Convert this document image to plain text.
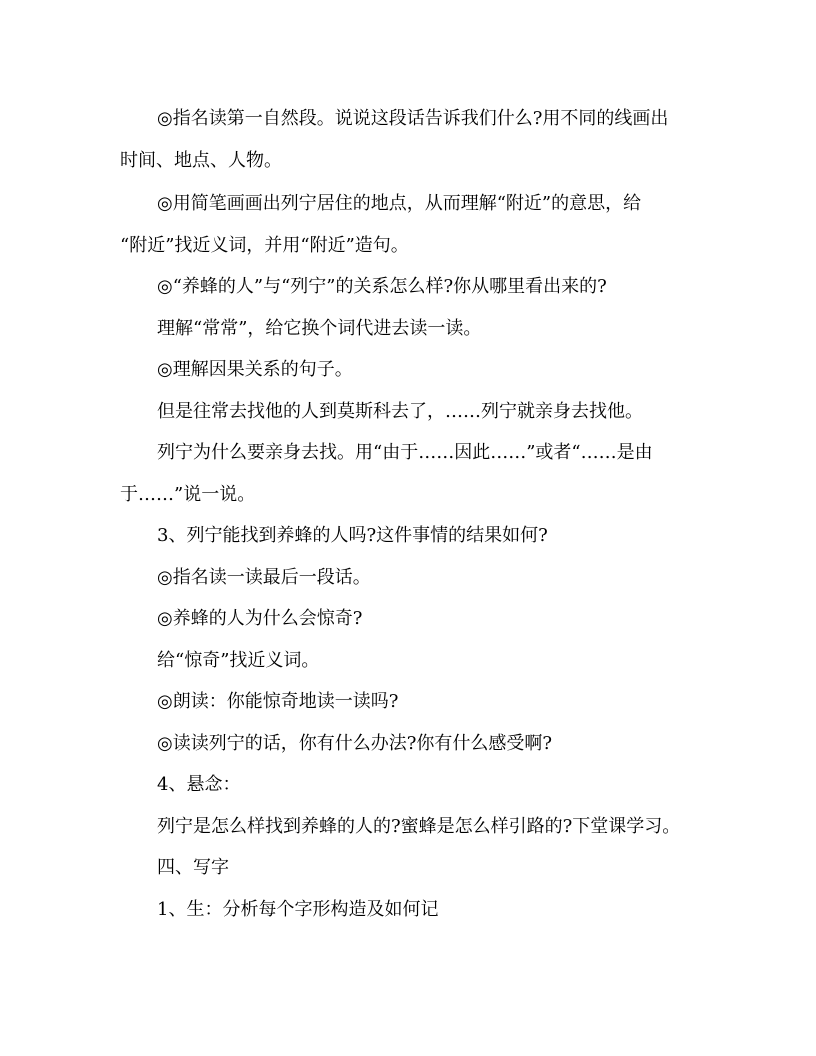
◎指名读第一自然段。说说这段话告诉我们什么?用不同的线画出
时间、地点、人物。
◎用简笔画画出列宁居住的地点，从而理解“附近”的意思，给
“附近”找近义词，并用“附近”造句。
◎“养蜂的人”与“列宁”的关系怎么样?你从哪里看出来的?
理解“常常”，给它换个词代进去读一读。
◎理解因果关系的句子。
但是往常去找他的人到莫斯科去了，……列宁就亲身去找他。
列宁为什么要亲身去找。用“由于……因此……”或者“……是由
于……”说一说。
3、列宁能找到养蜂的人吗?这件事情的结果如何?
◎指名读一读最后一段话。
◎养蜂的人为什么会惊奇?
给“惊奇”找近义词。
◎朗读：你能惊奇地读一读吗?
◎读读列宁的话，你有什么办法?你有什么感受啊?
4、悬念：
列宁是怎么样找到养蜂的人的?蜜蜂是怎么样引路的?下堂课学习。
四、写字
1、生：分析每个字形构造及如何记
